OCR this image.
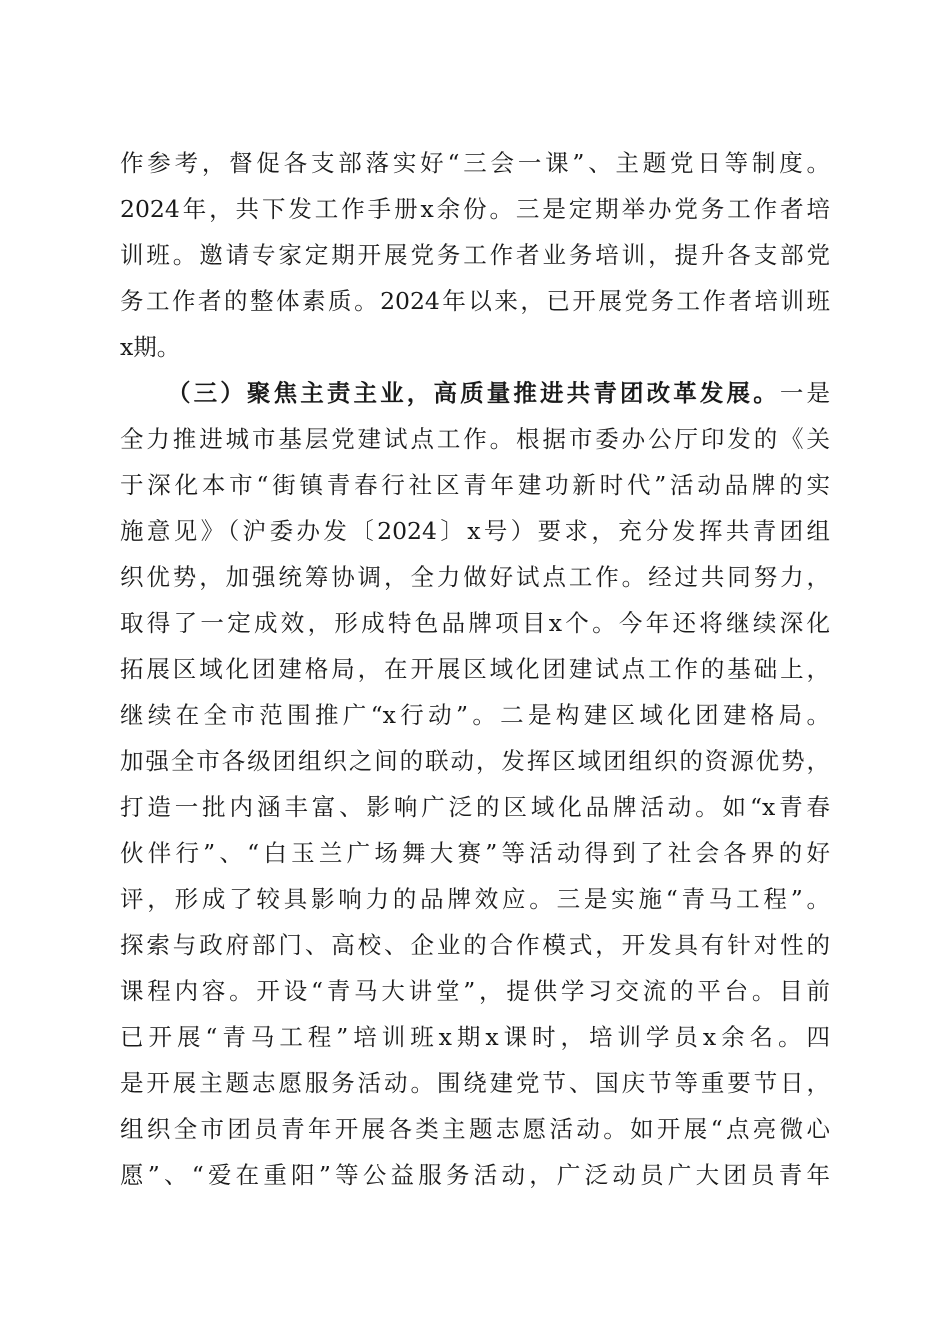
作参考，督促各支部落实好“三会一课”、主题党日等制度。
2024年，共下发工作手册x余份。三是定期举办党务工作者培
训班。邀请专家定期开展党务工作者业务培训，提升各支部党
务工作者的整体素质。2024年以来，已开展党务工作者培训班
x期。
（三）聚焦主责主业，高质量推进共青团改革发展。一是
全力推进城市基层党建试点工作。根据市委办公厅印发的《关
于深化本市“街镇青春行社区青年建功新时代”活动品牌的实
施意见》（沪委办发〔2024〕x号）要求，充分发挥共青团组
织优势，加强统筹协调，全力做好试点工作。经过共同努力，
取得了一定成效，形成特色品牌项目x个。今年还将继续深化
拓展区域化团建格局，在开展区域化团建试点工作的基础上，
继续在全市范围推广“x行动”。二是构建区域化团建格局。
加强全市各级团组织之间的联动，发挥区域团组织的资源优势，
打造一批内涵丰富、影响广泛的区域化品牌活动。如“x青春
伙伴行”、“白玉兰广场舞大赛”等活动得到了社会各界的好
评，形成了较具影响力的品牌效应。三是实施“青马工程”。
探索与政府部门、高校、企业的合作模式，开发具有针对性的
课程内容。开设“青马大讲堂”，提供学习交流的平台。目前
已开展“青马工程”培训班x期x课时，培训学员x余名。四
是开展主题志愿服务活动。围绕建党节、国庆节等重要节日，
组织全市团员青年开展各类主题志愿活动。如开展“点亮微心
愿”、“爱在重阳”等公益服务活动，广泛动员广大团员青年
